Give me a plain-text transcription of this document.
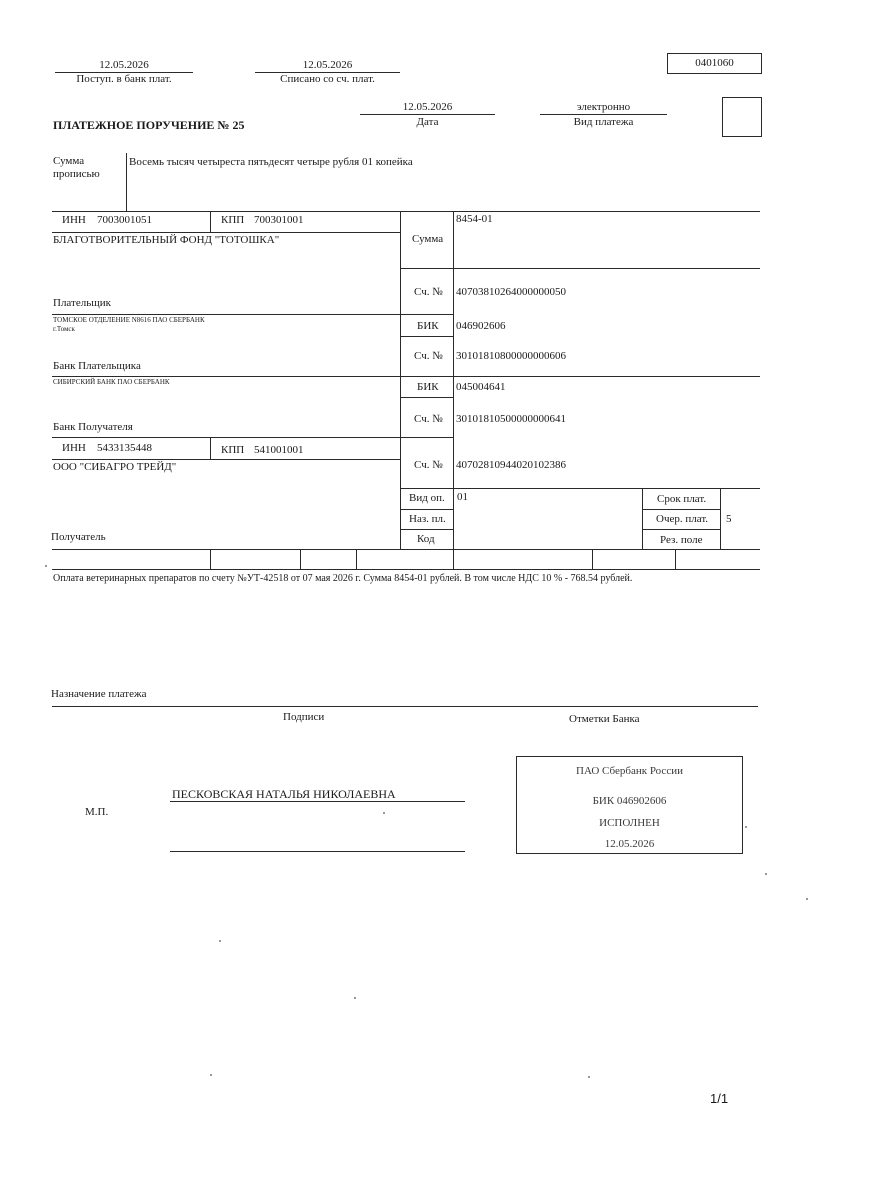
12.05.2026
Поступ. в банк плат.
12.05.2026
Списано со сч. плат.
0401060
ПЛАТЕЖНОЕ ПОРУЧЕНИЕ № 25
12.05.2026
Дата
электронно
Вид платежа
Сумма
прописью
Восемь тысяч четыреста пятьдесят четыре рубля 01 копейка
ИНН 7003001051	КПП 700301001
БЛАГОТВОРИТЕЛЬНЫЙ ФОНД "ТОТОШКА"	Сумма
8454-01
Плательщик
Сч. № 40703810264000000050
ТОМСКОЕ ОТДЕЛЕНИЕ N8616 ПАО СБЕРБАНК
г.Томск	БИК 046902606
Сч. № 30101810800000000606
Банк Плательщика
СИБИРСКИЙ БАНК ПАО СБЕРБАНК	БИК 045004641
Сч. № 30101810500000000641
Банк Получателя
ИНН 5433135448	КПП 541001001
ООО "СИБАГРО ТРЕЙД"	Сч. № 40702810944020102386
Вид оп. 01
Наз. пл.
Код
Срок плат.
Очер. плат. 5
Рез. поле
Получатель
Оплата ветеринарных препаратов по счету №УТ-42518 от 07 мая 2026 г. Сумма 8454-01 рублей. В том числе НДС 10 % - 768.54 рублей.
Назначение платежа
Подписи	Отметки Банка
М.П.
ПЕСКОВСКАЯ НАТАЛЬЯ НИКОЛАЕВНА
ПАО Сбербанк России
БИК 046902606
ИСПОЛНЕН
12.05.2026
1/1
